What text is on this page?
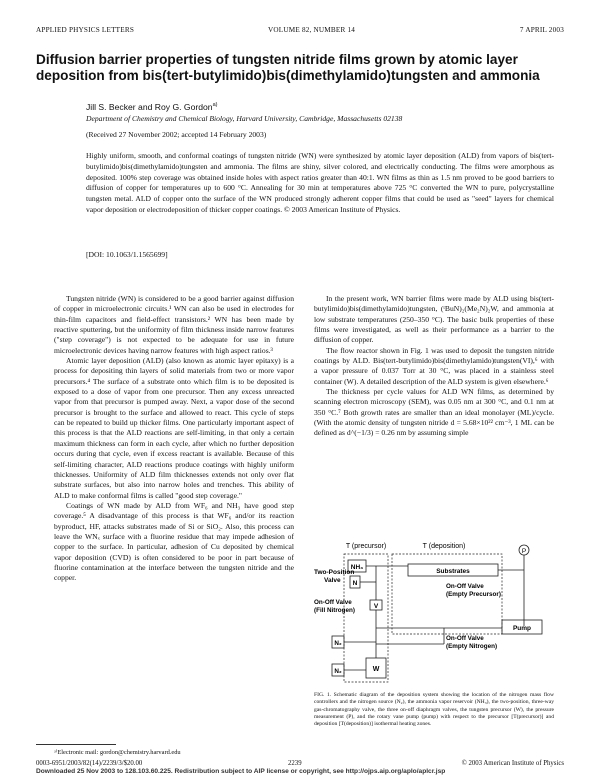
APPLIED PHYSICS LETTERS	VOLUME 82, NUMBER 14	7 APRIL 2003
Diffusion barrier properties of tungsten nitride films grown by atomic layer deposition from bis(tert-butylimido)bis(dimethylamido)tungsten and ammonia
Jill S. Becker and Roy G. Gordon$^{a)}$
Department of Chemistry and Chemical Biology, Harvard University, Cambridge, Massachusetts 02138
(Received 27 November 2002; accepted 14 February 2003)
Highly uniform, smooth, and conformal coatings of tungsten nitride (WN) were synthesized by atomic layer deposition (ALD) from vapors of bis(tert-butylimido)bis(dimethylamido)tungsten and ammonia. The films are shiny, silver colored, and electrically conducting. The films were amorphous as deposited. 100% step coverage was obtained inside holes with aspect ratios greater than 40:1. WN films as thin as 1.5 nm proved to be good barriers to diffusion of copper for temperatures up to 600 °C. Annealing for 30 min at temperatures above 725 °C converted the WN to pure, polycrystalline tungsten metal. ALD of copper onto the surface of the WN produced strongly adherent copper films that could be used as "seed" layers for chemical vapor deposition or electrodeposition of thicker copper coatings. © 2003 American Institute of Physics.
[DOI: 10.1063/1.1565699]

Tungsten nitride (WN) is considered to be a good barrier against diffusion of copper in microelectronic circuits.¹ WN can also be used in electrodes for thin-film capacitors and field-effect transistors.² WN has been made by reactive sputtering, but the uniformity of film thickness inside narrow features ("step coverage") is not expected to be adequate for use in future microelectronic devices having narrow features with high aspect ratios.³

Atomic layer deposition (ALD) (also known as atomic layer epitaxy) is a process for depositing thin layers of solid materials from two or more vapor precursors.⁴ The surface of a substrate onto which film is to be deposited is exposed to a dose of vapor from one precursor. Then any excess unreacted vapor from that precursor is pumped away. Next, a vapor dose of the second precursor is brought to the surface and allowed to react. This cycle of steps can be repeated to build up thicker films. One particularly important aspect of this process is that the ALD reactions are self-limiting, in that only a certain maximum thickness can form in each cycle, after which no further deposition occurs during that cycle, even if excess reactant is available. Because of this self-limiting character, ALD reactions produce coatings with highly uniform thicknesses. Uniformity of ALD film thicknesses extends not only over flat substrate surfaces, but also into narrow holes and trenches. This ability of ALD to make conformal films is called "good step coverage."

Coatings of WN made by ALD from WF₆ and NH₃ have good step coverage.⁵ A disadvantage of this process is that WF₆ and/or its reaction byproduct, HF, attacks substrates made of Si or SiO₂. Also, this process can leave the WNₓ surface with a fluorine residue that may impede adhesion of copper to the surface. In particular, adhesion of Cu deposited by chemical vapor deposition (CVD) is often considered to be poor in part because of fluorine contamination at the interface between the tungsten nitride and the copper.

In the present work, WN barrier films were made by ALD using bis(tert-butylimido)bis(dimethylamido)tungsten, (ᵗBuN)₂(Me₂N)₂W, and ammonia at low substrate temperatures (250–350 °C). The basic bulk properties of these films were investigated, as well as their performance as a barrier to the diffusion of copper.

The flow reactor shown in Fig. 1 was used to deposit the tungsten nitride coatings by ALD. Bis(tert-butylimido)bis(dimethylamido)tungsten(VI),⁶ with a vapor pressure of 0.037 Torr at 30 °C, was placed in a stainless steel container (W). A detailed description of the ALD system is given elsewhere.⁶

The thickness per cycle values for ALD WN films, as determined by scanning electron microscopy (SEM), was 0.05 nm at 300 °C, and 0.1 nm at 350 °C.⁷ Both growth rates are smaller than an ideal monolayer (ML)/cycle. (With the atomic density of tungsten nitride d = 5.68×10²² cm⁻³, 1 ML can be defined as d^(−1/3) = 0.26 nm by assuming simple

T (precursor)	T (deposition)
P
NH₃
Two-Position
Valve N
Substrates
On-Off Valve
(Empty Precursor)
On-Off Valve
(Fill Nitrogen)
V
Pump
On-Off Valve
(Empty Nitrogen)
N₂
N₂	W
FIG. 1. Schematic diagram of the deposition system showing the location of the nitrogen mass flow controllers and the nitrogen source (N₂), the ammonia vapor reservoir (NH₃), the two-position, three-way gas-chromatography valve, the three on-off diaphragm valves, the tungsten precursor (W), the pressure measurement (P), and the rotary vane pump (pump) with respect to the precursor [T(precursor)] and deposition [T(deposition)] isothermal heating zones.
ᵃ⁾Electronic mail: gordon@chemistry.harvard.edu
0003-6951/2003/82(14)/2239/3/$20.00	2239	© 2003 American Institute of Physics
Downloaded 25 Nov 2003 to 128.103.60.225. Redistribution subject to AIP license or copyright, see http://ojps.aip.org/aplo/aplcr.jsp
